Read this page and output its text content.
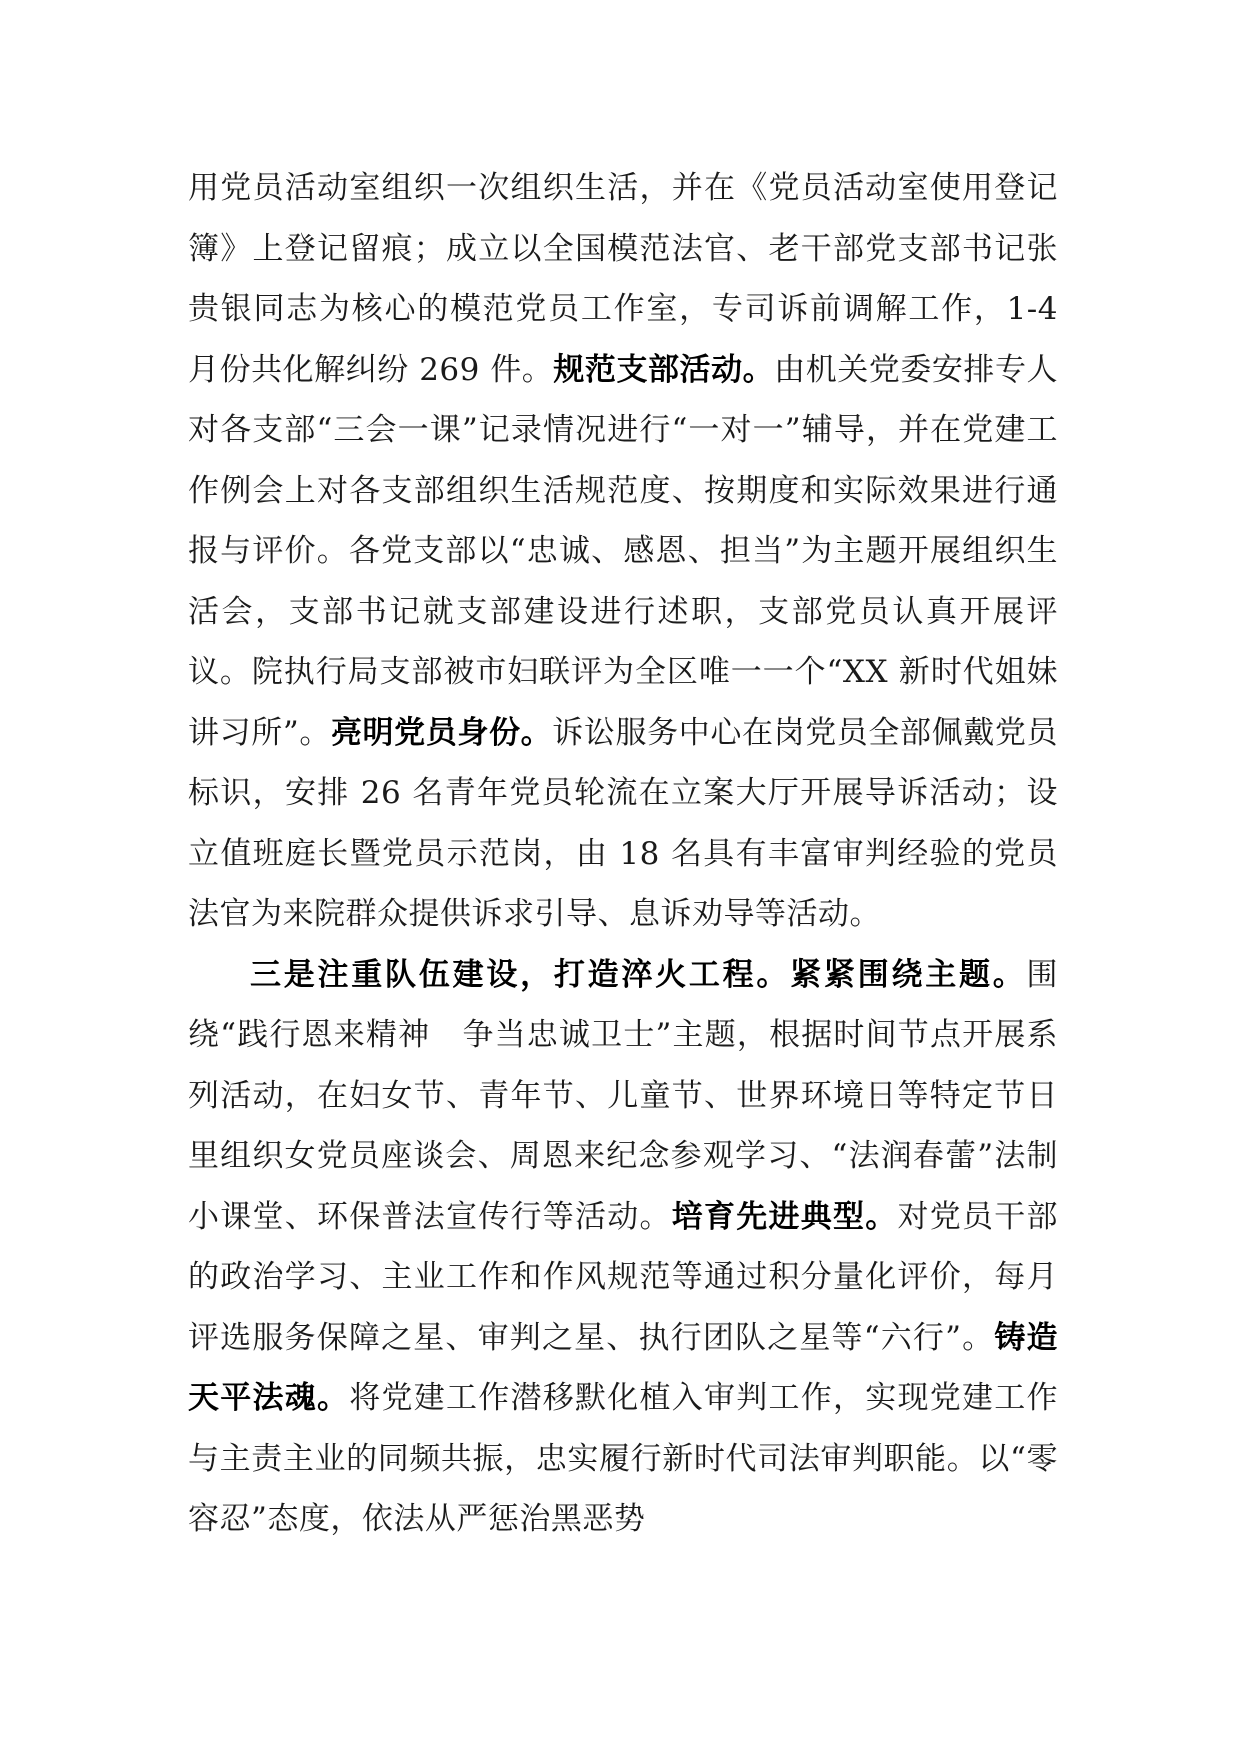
用党员活动室组织一次组织生活，并在《党员活动室使用登记簿》上登记留痕；成立以全国模范法官、老干部党支部书记张贵银同志为核心的模范党员工作室，专司诉前调解工作，1-4 月份共化解纠纷 269 件。规范支部活动。由机关党委安排专人对各支部“三会一课”记录情况进行“一对一”辅导，并在党建工作例会上对各支部组织生活规范度、按期度和实际效果进行通报与评价。各党支部以“忠诚、感恩、担当”为主题开展组织生活会，支部书记就支部建设进行述职，支部党员认真开展评议。院执行局支部被市妇联评为全区唯一一个“XX 新时代姐妹讲习所”。亮明党员身份。诉讼服务中心在岗党员全部佩戴党员标识，安排 26 名青年党员轮流在立案大厅开展导诉活动；设立值班庭长暨党员示范岗，由 18 名具有丰富审判经验的党员法官为来院群众提供诉求引导、息诉劝导等活动。

三是注重队伍建设，打造淬火工程。紧紧围绕主题。围绕“践行恩来精神　争当忠诚卫士”主题，根据时间节点开展系列活动，在妇女节、青年节、儿童节、世界环境日等特定节日里组织女党员座谈会、周恩来纪念参观学习、“法润春蕾”法制小课堂、环保普法宣传行等活动。培育先进典型。对党员干部的政治学习、主业工作和作风规范等通过积分量化评价，每月评选服务保障之星、审判之星、执行团队之星等“六行”。铸造天平法魂。将党建工作潜移默化植入审判工作，实现党建工作与主责主业的同频共振，忠实履行新时代司法审判职能。以“零容忍”态度，依法从严惩治黑恶势
